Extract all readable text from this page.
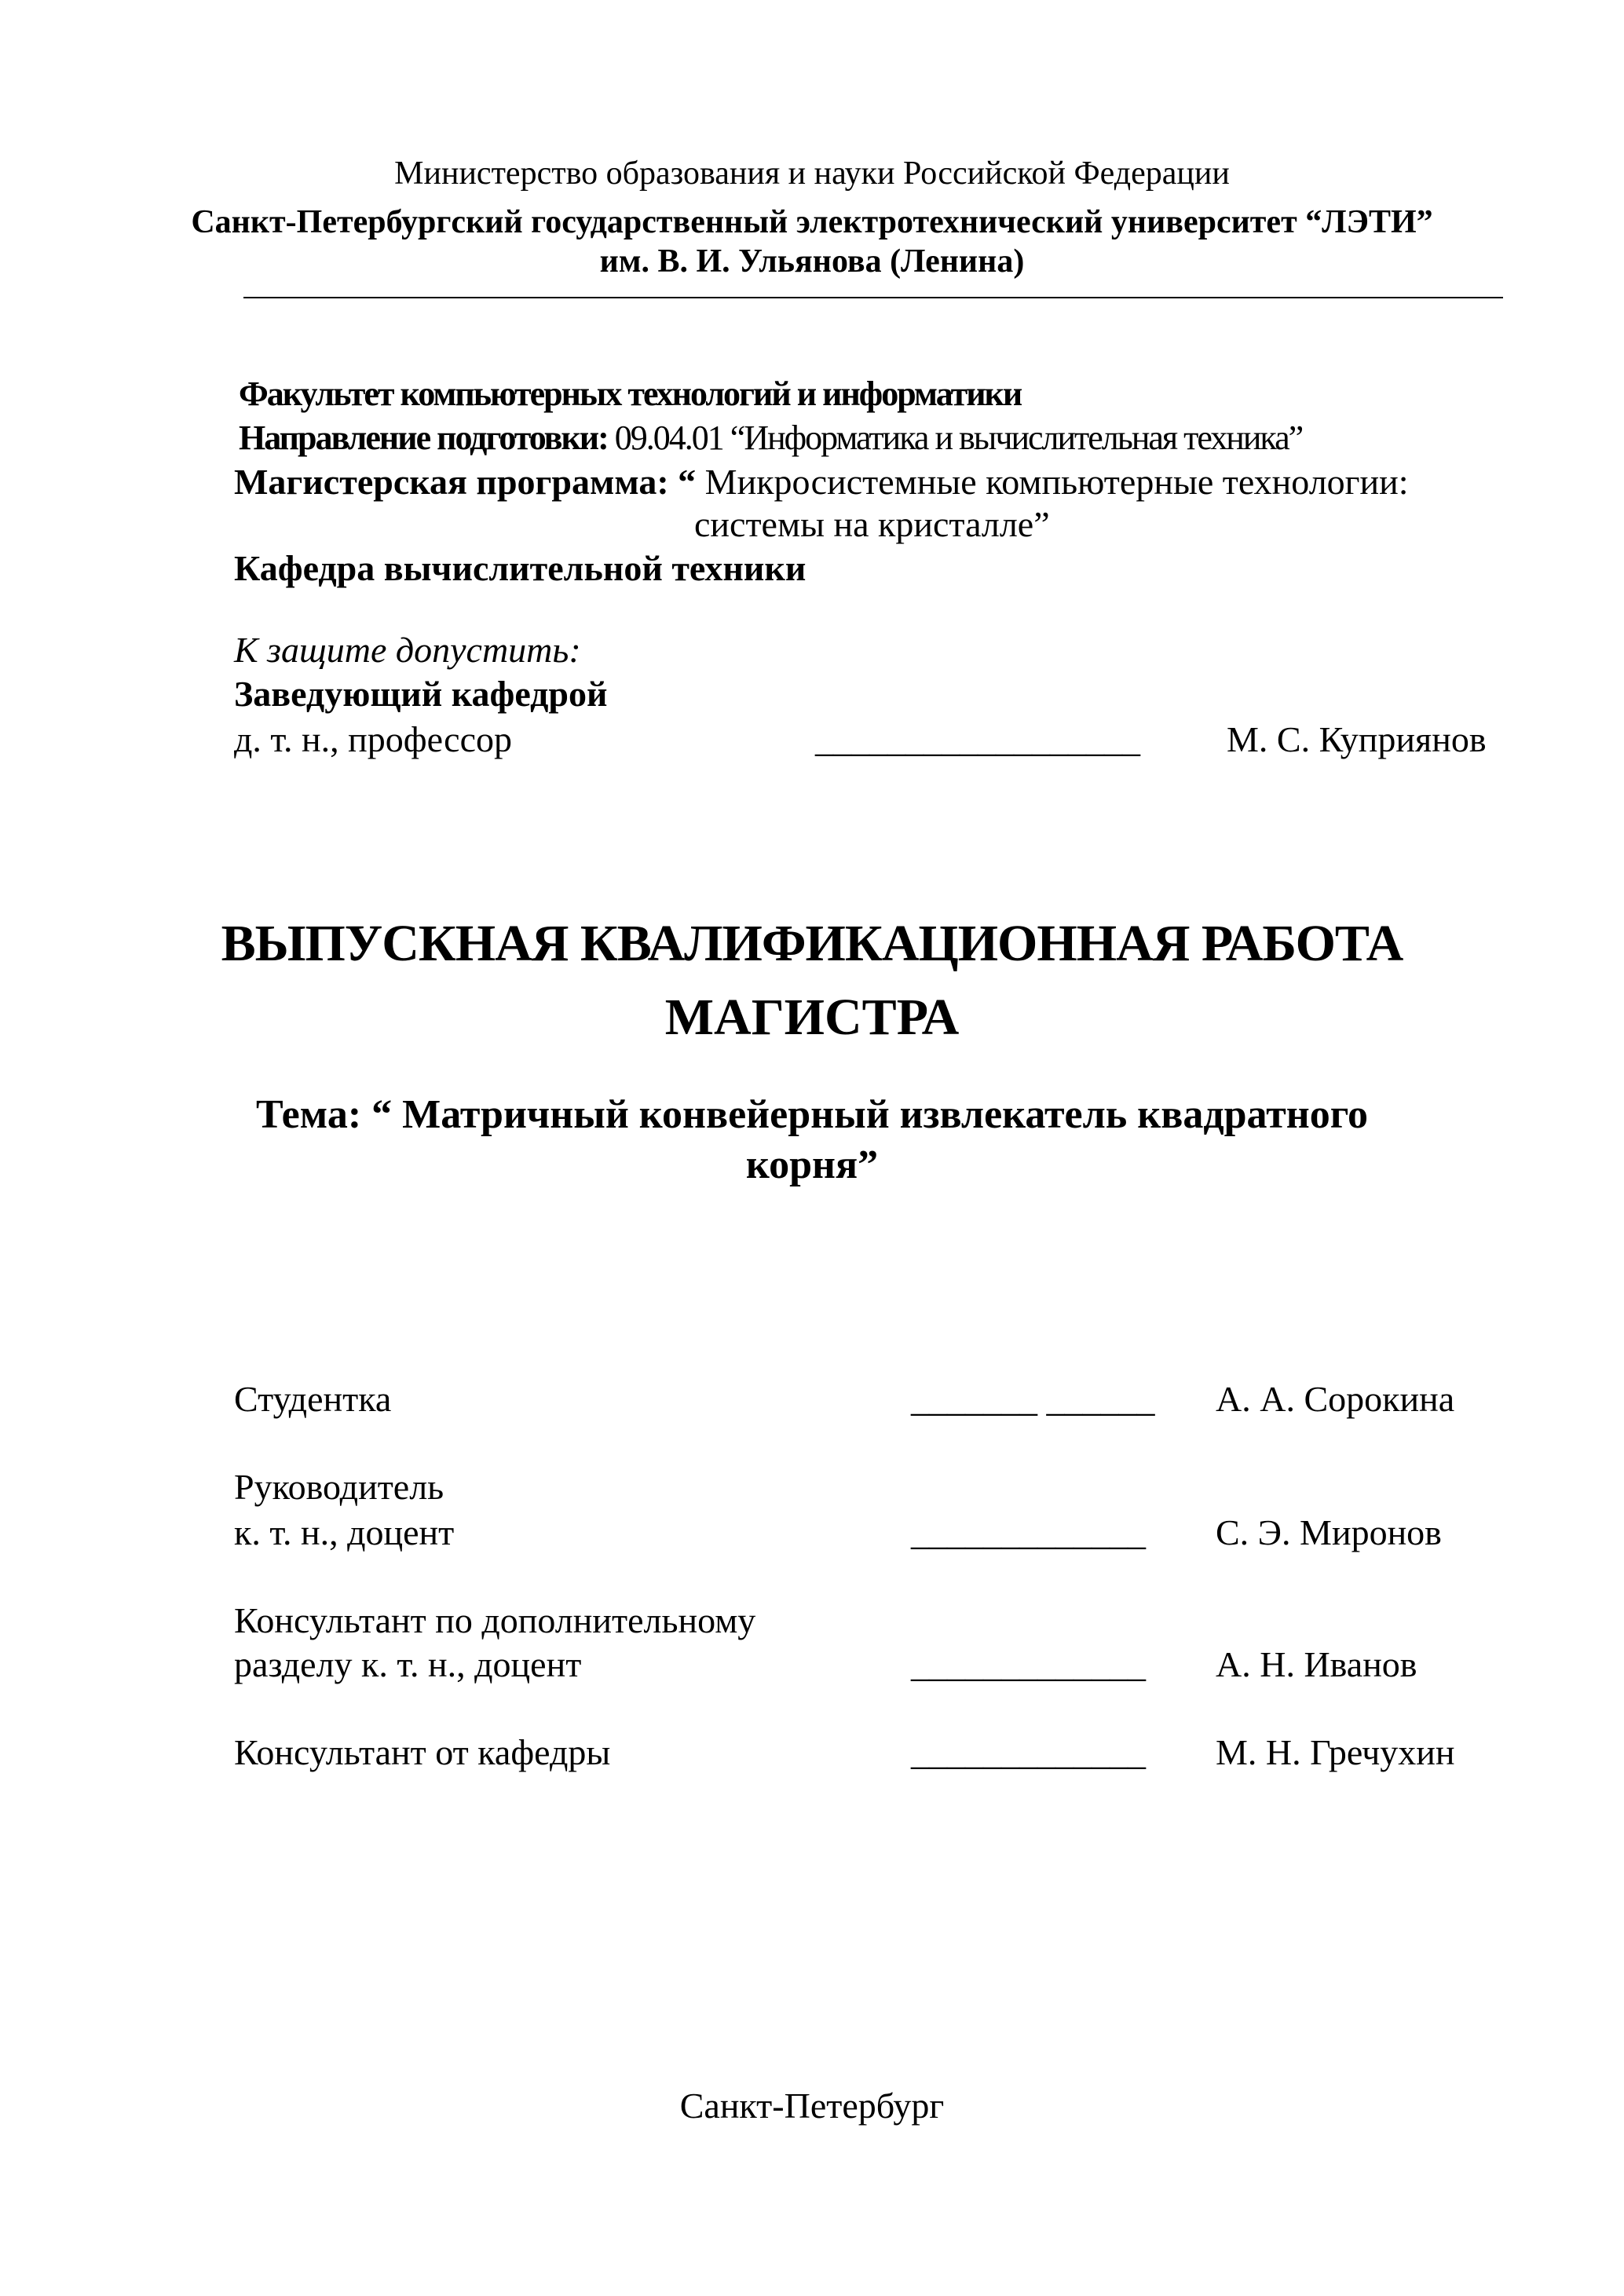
Министерство образования и науки Российской Федерации
Санкт-Петербургский государственный электротехнический университет “ЛЭТИ”
им. В. И. Ульянова (Ленина)
Факультет компьютерных технологий и информатики
Направление подготовки: 09.04.01 “Информатика и вычислительная техника”
Магистерская программа: “ Микросистемные компьютерные технологии:
системы на кристалле”
Кафедра вычислительной техники
К защите допустить:
Заведующий кафедрой
д. т. н., профессор	__________________ М. С. Куприянов
ВЫПУСКНАЯ КВАЛИФИКАЦИОННАЯ РАБОТА
МАГИСТРА
Тема: “ Матричный конвейерный извлекатель квадратного
корня”
Студентка	_______ ______ А. А. Сорокина
Руководитель
к. т. н., доцент	_____________ С. Э. Миронов
Консультант по дополнительному
разделу к. т. н., доцент	_____________ А. Н. Иванов
Консультант от кафедры	_____________ М. Н. Гречухин
Санкт-Петербург
